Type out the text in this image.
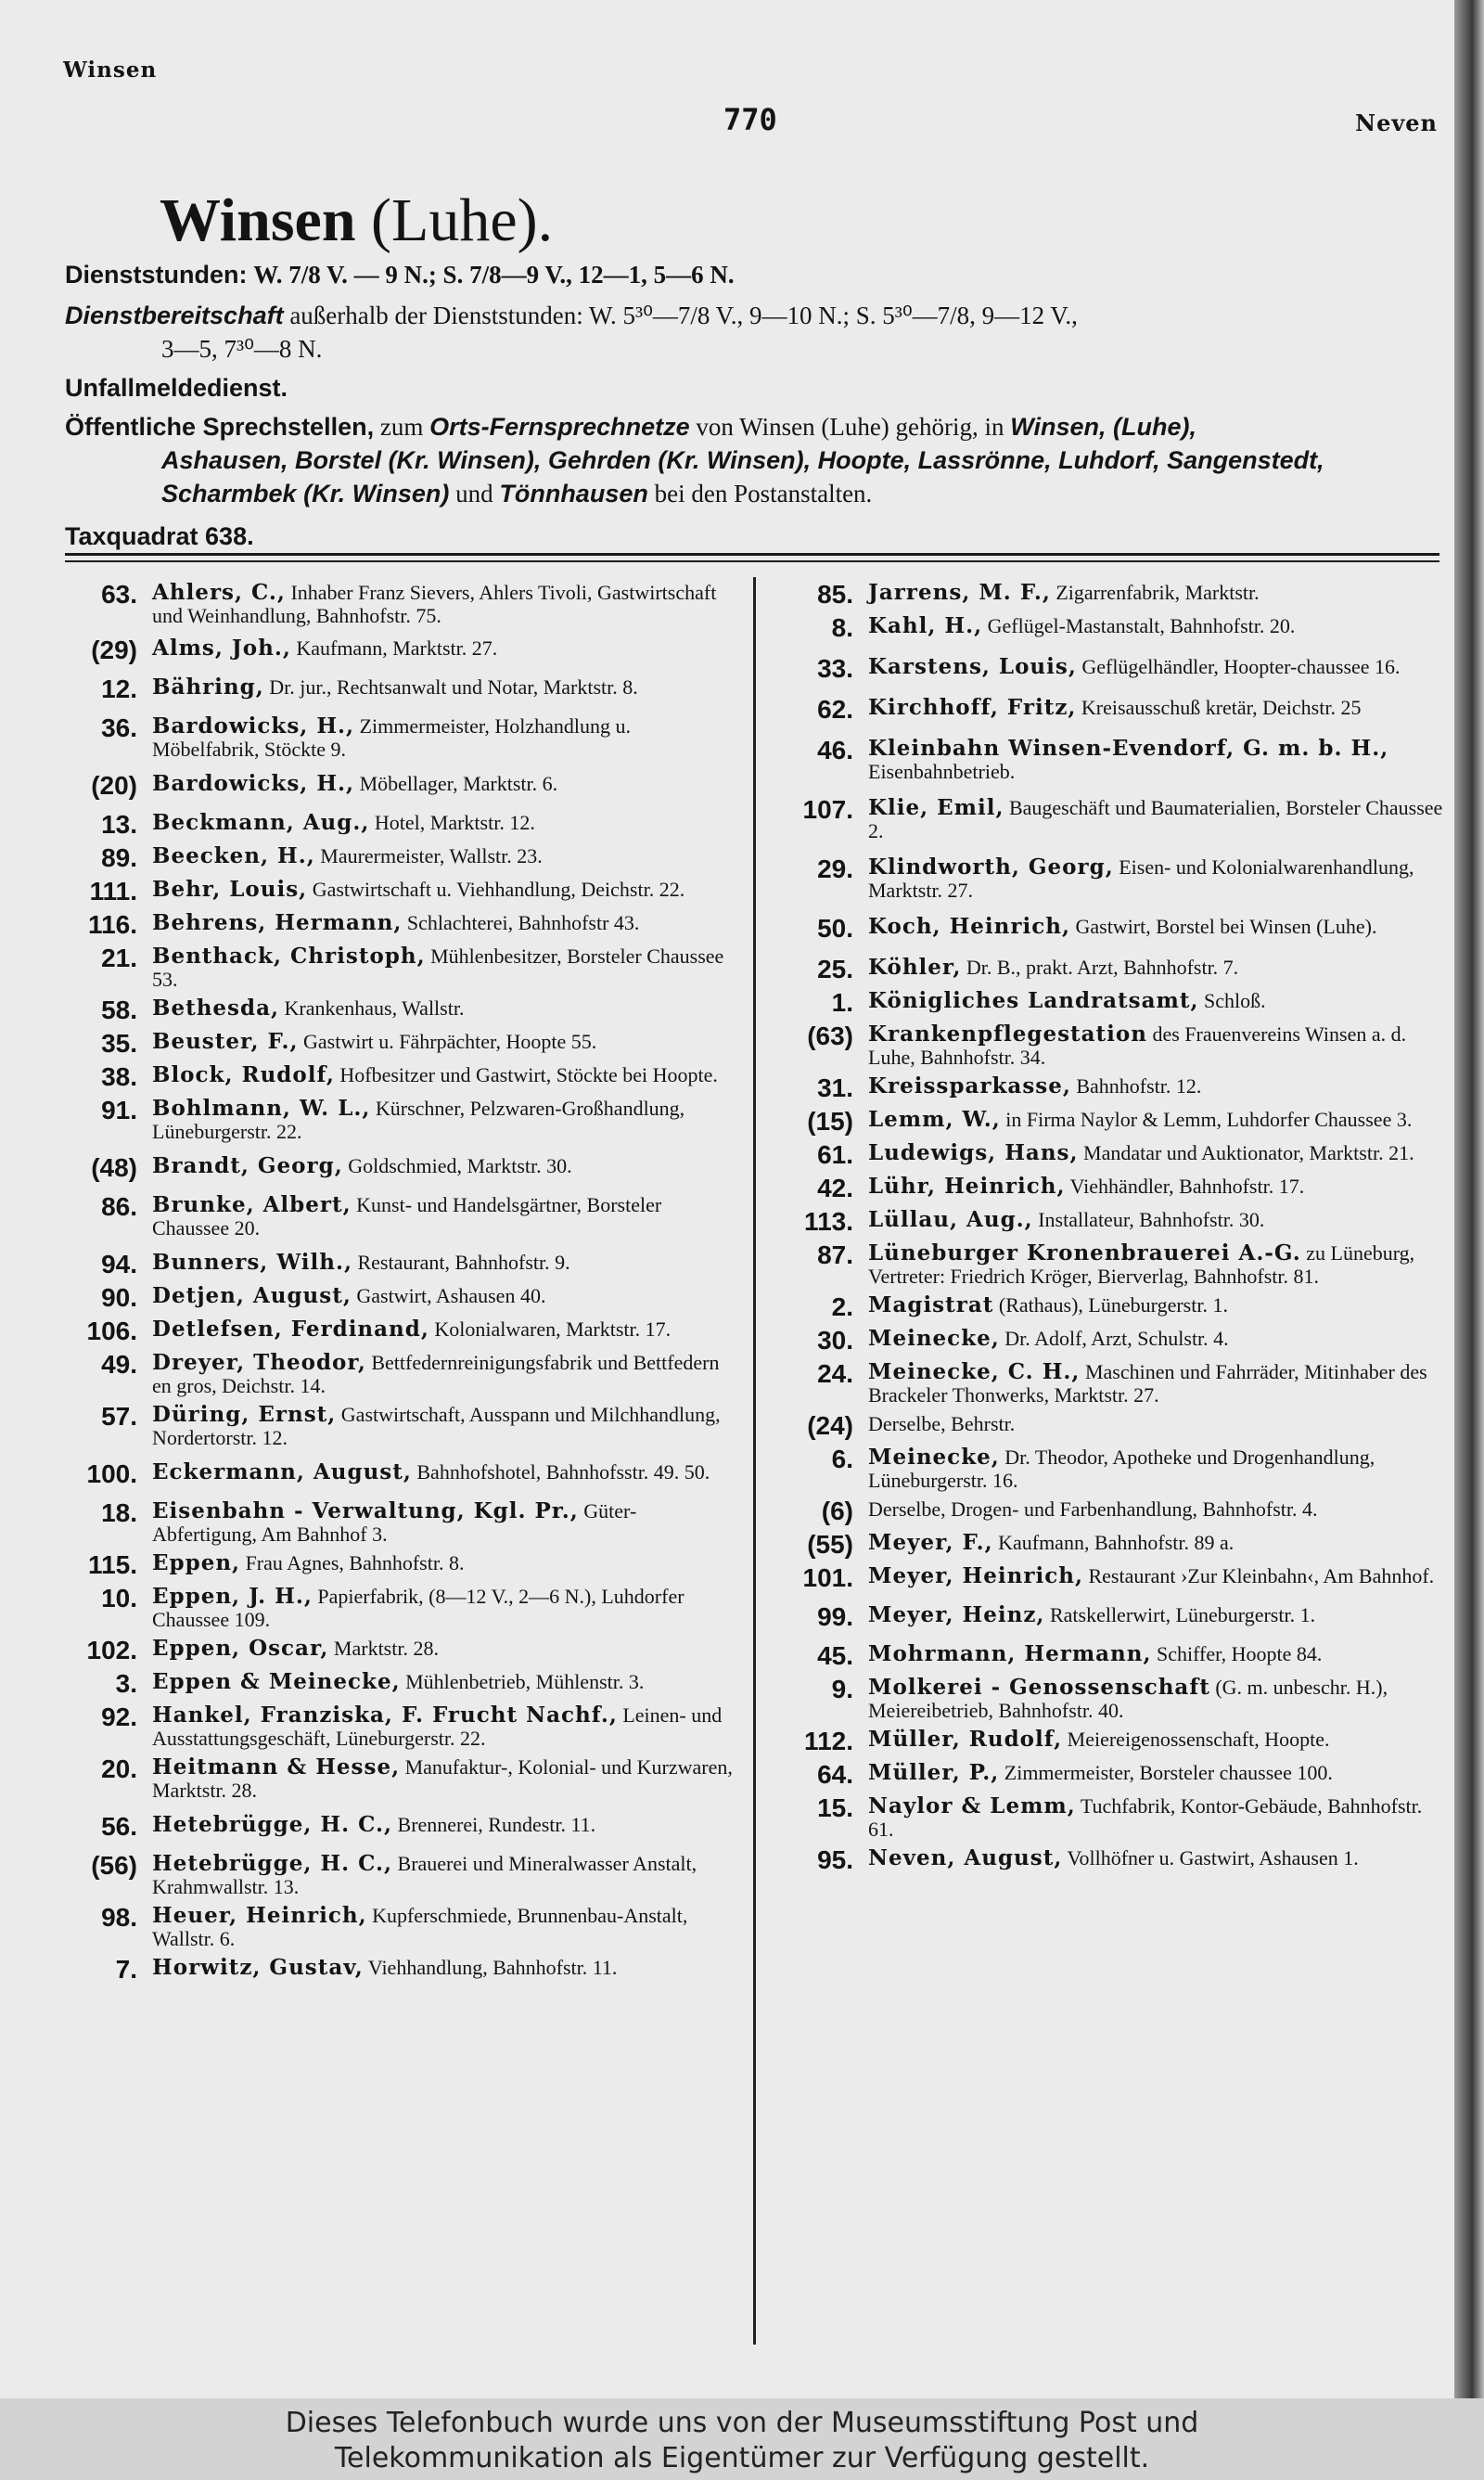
Winsen
770	Neven
Winsen (Luhe).
Dienststunden: W. 7/8 V. — 9 N.; S. 7/8—9 V., 12—1, 5—6 N.
Dienstbereitschaft außerhalb der Dienststunden: W. 5³⁰—7/8 V., 9—10 N.; S. 5³⁰—7/8, 9—12 V.,
3—5, 7³⁰—8 N.
Unfallmeldedienst.
Öffentliche Sprechstellen, zum Orts-Fernsprechnetze von Winsen (Luhe) gehörig, in Winsen, (Luhe),
Ashausen, Borstel (Kr. Winsen), Gehrden (Kr. Winsen), Hoopte, Lassrönne, Luhdorf, Sangenstedt,
Scharmbek (Kr. Winsen) und Tönnhausen bei den Postanstalten.
Taxquadrat 638.
63. Ahlers, C., Inhaber Franz Sievers, Ahlers Tivoli, Gastwirtschaft und Weinhandlung, Bahnhofstr. 75.
(29) Alms, Joh., Kaufmann, Marktstr. 27.
12. Bähring, Dr. jur., Rechtsanwalt und Notar, Marktstr. 8.
36. Bardowicks, H., Zimmermeister, Holzhandlung u. Möbelfabrik, Stöckte 9.
(20) Bardowicks, H., Möbellager, Marktstr. 6.
13. Beckmann, Aug., Hotel, Marktstr. 12.
89. Beecken, H., Maurermeister, Wallstr. 23.
111. Behr, Louis, Gastwirtschaft u. Viehhandlung, Deichstr. 22.
116. Behrens, Hermann, Schlachterei, Bahnhofstr 43.
21. Benthack, Christoph, Mühlenbesitzer, Borsteler Chaussee 53.
58. Bethesda, Krankenhaus, Wallstr.
35. Beuster, F., Gastwirt u. Fährpächter, Hoopte 55.
38. Block, Rudolf, Hofbesitzer und Gastwirt, Stöckte bei Hoopte.
91. Bohlmann, W. L., Kürschner, Pelzwaren-Großhandlung, Lüneburgerstr. 22.
(48) Brandt, Georg, Goldschmied, Marktstr. 30.
86. Brunke, Albert, Kunst- und Handelsgärtner, Borsteler Chaussee 20.
94. Bunners, Wilh., Restaurant, Bahnhofstr. 9.
90. Detjen, August, Gastwirt, Ashausen 40.
106. Detlefsen, Ferdinand, Kolonialwaren, Marktstr. 17.
49. Dreyer, Theodor, Bettfedernreinigungsfabrik und Bettfedern en gros, Deichstr. 14.
57. Düring, Ernst, Gastwirtschaft, Ausspann und Milchhandlung, Nordertorstr. 12.
100. Eckermann, August, Bahnhofshotel, Bahnhofsstr. 49. 50.
18. Eisenbahn - Verwaltung, Kgl. Pr., Güter-Abfertigung, Am Bahnhof 3.
115. Eppen, Frau Agnes, Bahnhofstr. 8.
10. Eppen, J. H., Papierfabrik, (8—12 V., 2—6 N.), Luhdorfer Chaussee 109.
102. Eppen, Oscar, Marktstr. 28.
3. Eppen & Meinecke, Mühlenbetrieb, Mühlenstr. 3.
92. Hankel, Franziska, F. Frucht Nachf., Leinen- und Ausstattungsgeschäft, Lüneburgerstr. 22.
20. Heitmann & Hesse, Manufaktur-, Kolonial- und Kurzwaren, Marktstr. 28.
56. Hetebrügge, H. C., Brennerei, Rundestr. 11.
(56) Hetebrügge, H. C., Brauerei und Mineralwasser Anstalt, Krahmwallstr. 13.
98. Heuer, Heinrich, Kupferschmiede, Brunnenbau-Anstalt, Wallstr. 6.
7. Horwitz, Gustav, Viehhandlung, Bahnhofstr. 11.
85. Jarrens, M. F., Zigarrenfabrik, Marktstr.
8. Kahl, H., Geflügel-Mastanstalt, Bahnhofstr. 20.
33. Karstens, Louis, Geflügelhändler, Hoopter-chaussee 16.
62. Kirchhoff, Fritz, Kreisausschuß kretär, Deichstr. 25
46. Kleinbahn Winsen-Evendorf, G. m. b. H., Eisenbahnbetrieb.
107. Klie, Emil, Baugeschäft und Baumaterialien, Borsteler Chaussee 2.
29. Klindworth, Georg, Eisen- und Kolonialwarenhandlung, Marktstr. 27.
50. Koch, Heinrich, Gastwirt, Borstel bei Winsen (Luhe).
25. Köhler, Dr. B., prakt. Arzt, Bahnhofstr. 7.
1. Königliches Landratsamt, Schloß.
(63) Krankenpflegestation des Frauenvereins Winsen a. d. Luhe, Bahnhofstr. 34.
31. Kreissparkasse, Bahnhofstr. 12.
(15) Lemm, W., in Firma Naylor & Lemm, Luhdorfer Chaussee 3.
61. Ludewigs, Hans, Mandatar und Auktionator, Marktstr. 21.
42. Lühr, Heinrich, Viehhändler, Bahnhofstr. 17.
113. Lüllau, Aug., Installateur, Bahnhofstr. 30.
87. Lüneburger Kronenbrauerei A.-G. zu Lüneburg, Vertreter: Friedrich Kröger, Bierverlag, Bahnhofstr. 81.
2. Magistrat (Rathaus), Lüneburgerstr. 1.
30. Meinecke, Dr. Adolf, Arzt, Schulstr. 4.
24. Meinecke, C. H., Maschinen und Fahrräder, Mitinhaber des Brackeler Thonwerks, Marktstr. 27.
(24) Derselbe, Behrstr.
6. Meinecke, Dr. Theodor, Apotheke und Drogenhandlung, Lüneburgerstr. 16.
(6) Derselbe, Drogen- und Farbenhandlung, Bahnhofstr. 4.
(55) Meyer, F., Kaufmann, Bahnhofstr. 89 a.
101. Meyer, Heinrich, Restaurant ›Zur Kleinbahn‹, Am Bahnhof.
99. Meyer, Heinz, Ratskellerwirt, Lüneburgerstr. 1.
45. Mohrmann, Hermann, Schiffer, Hoopte 84.
9. Molkerei - Genossenschaft (G. m. unbeschr. H.), Meiereibetrieb, Bahnhofstr. 40.
112. Müller, Rudolf, Meiereigenossenschaft, Hoopte.
64. Müller, P., Zimmermeister, Borsteler chaussee 100.
15. Naylor & Lemm, Tuchfabrik, Kontor-Gebäude, Bahnhofstr. 61.
95. Neven, August, Vollhöfner u. Gastwirt, Ashausen 1.
Dieses Telefonbuch wurde uns von der Museumsstiftung Post und
Telekommunikation als Eigentümer zur Verfügung gestellt.
